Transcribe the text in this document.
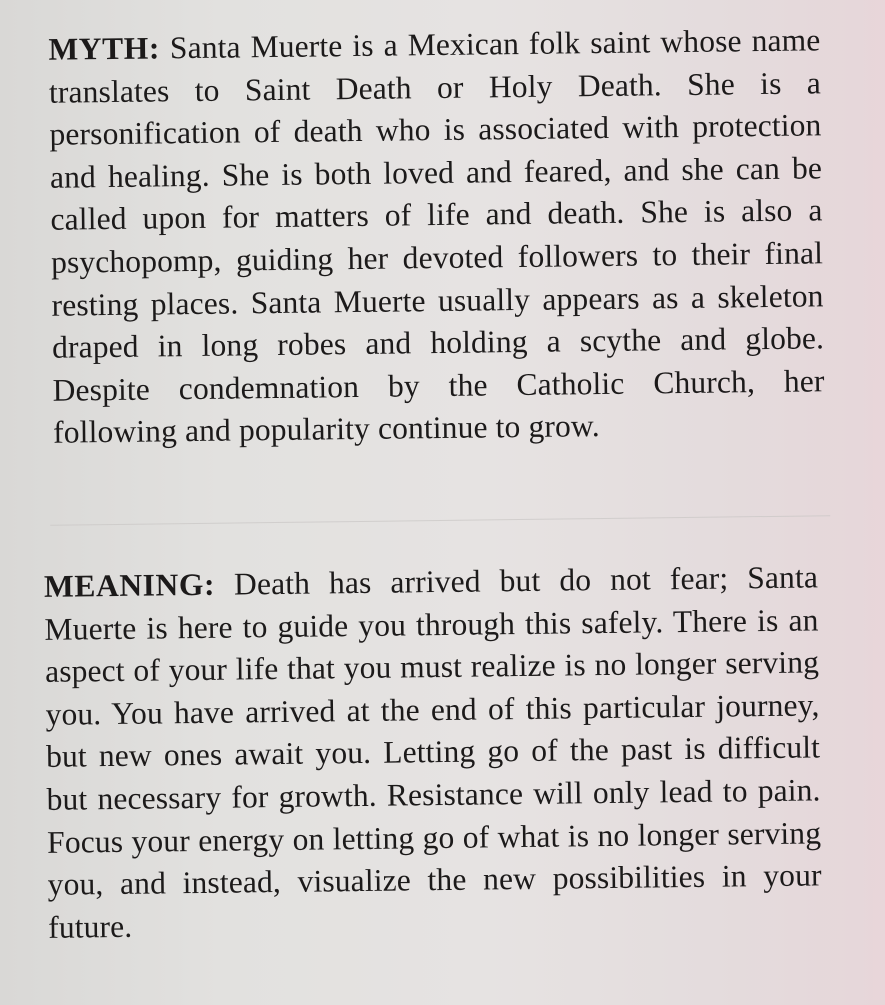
MYTH: Santa Muerte is a Mexican folk saint whose name translates to Saint Death or Holy Death. She is a personification of death who is associated with protection and healing. She is both loved and feared, and she can be called upon for matters of life and death. She is also a psychopomp, guiding her devoted followers to their final resting places. Santa Muerte usually appears as a skeleton draped in long robes and holding a scythe and globe. Despite condemnation by the Catholic Church, her following and popularity continue to grow.

MEANING: Death has arrived but do not fear; Santa Muerte is here to guide you through this safely. There is an aspect of your life that you must realize is no longer serving you. You have arrived at the end of this particular journey, but new ones await you. Letting go of the past is difficult but necessary for growth. Resistance will only lead to pain. Focus your energy on letting go of what is no longer serving you, and instead, visualize the new possibilities in your future.
